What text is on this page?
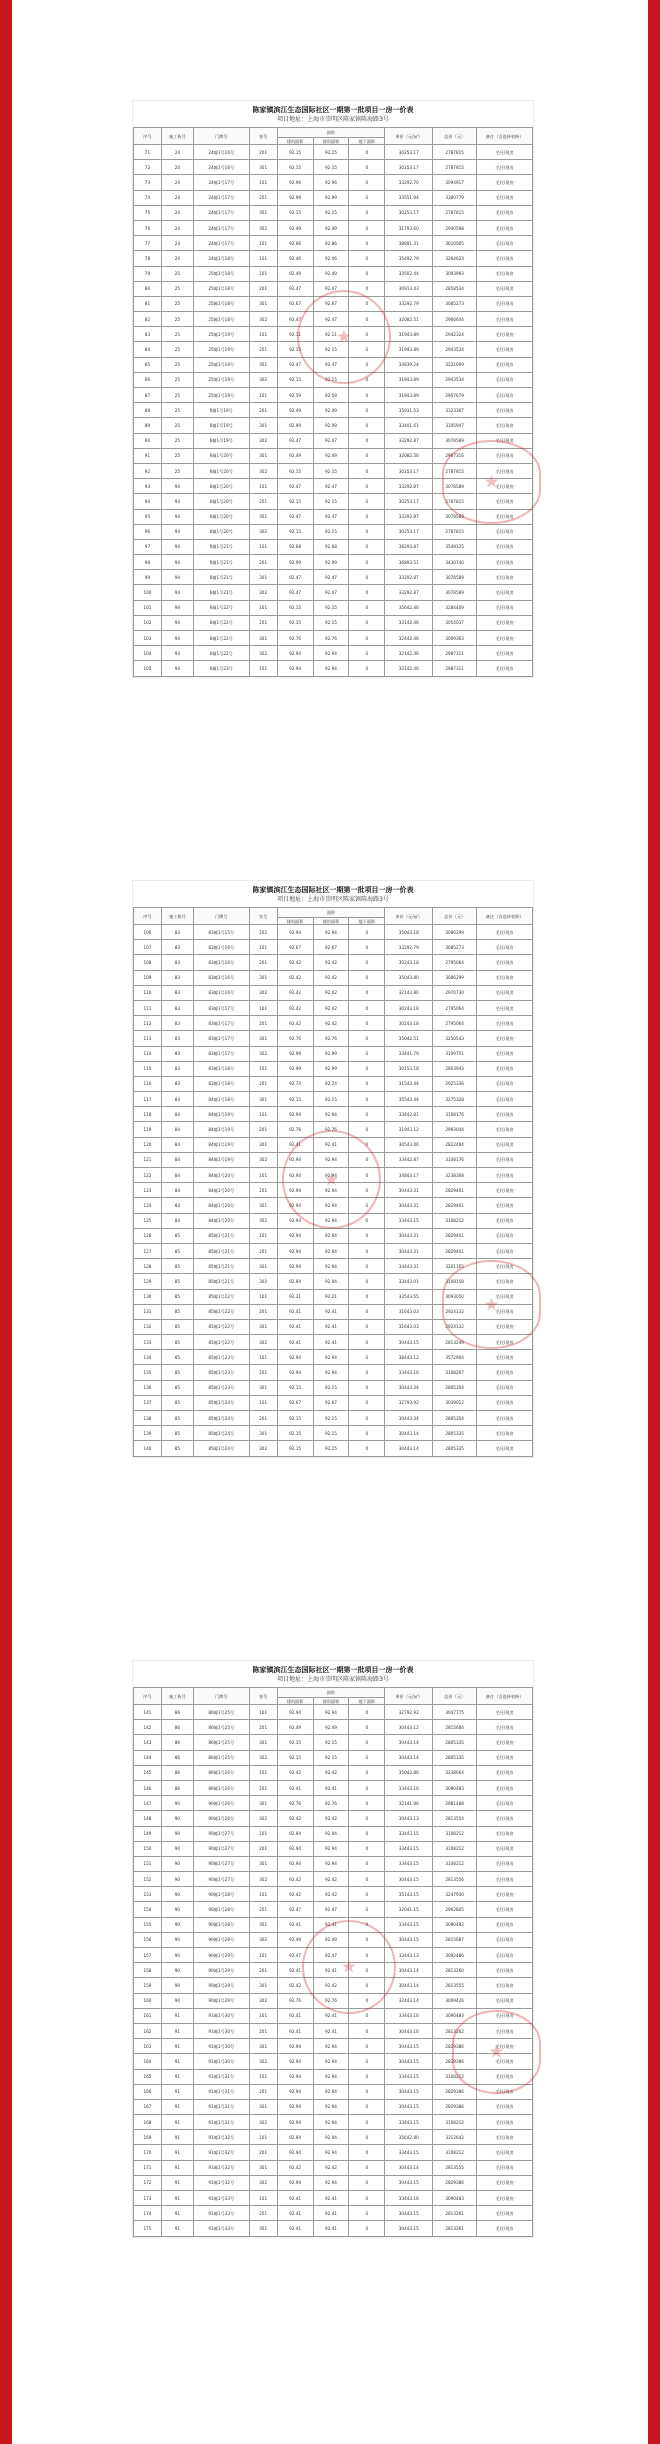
陈家镇滨江生态国际社区一期第一批项目一房一价表
项目地址：上海市崇明区陈家镇陈海路3号
序号	施工栋号	门牌号	室号	面积			单价（元/㎡）	总价（元）	备注（含选择装修）
				建筑面积	使用面积	地下面积			
71	24	24幢1号16号	201	92.15	92.15	0	30253.17	2787815	毛坯/现房
72	24	24幢1号16号	301	92.15	92.15	0	30253.17	2787815	毛坯/现房
73	24	24幢1号17号	101	92.96	92.96	0	33292.70	3094917	毛坯/现房
74	24	24幢1号17号	201	92.99	92.99	0	33551.94	3380779	毛坯/现房
75	24	24幢1号17号	301	92.15	92.15	0	30253.17	2787815	毛坯/现房
76	24	24幢1号17号	302	92.49	92.49	0	31793.60	2940598	毛坯/现房
77	24	24幢1号17号	101	92.86	92.86	0	38891.31	3610005	毛坯/现房
78	24	24幢1号18号	101	92.46	92.46	0	35492.79	3264623	毛坯/现房
79	25	25幢1号18号	101	92.49	92.49	0	33502.44	3093963	毛坯/现房
80	25	25幢1号18号	201	92.47	92.47	0	30913.43	2858534	毛坯/现房
81	25	25幢1号18号	301	92.67	92.67	0	33292.79	3085273	毛坯/现房
82	25	25幢1号18号	302	92.47	92.47	0	32082.51	2966644	毛坯/现房
83	25	25幢1号19号	101	92.11	92.11	0	31943.89	2942324	毛坯/现房
84	25	25幢1号19号	201	92.15	92.15	0	31943.89	2943534	毛坯/现房
85	25	25幢1号19号	301	92.47	92.47	0	34839.24	3221609	毛坯/现房
86	25	25幢1号19号	302	92.15	92.15	0	31943.89	2943534	毛坯/现房
87	25	25幢1号19号	101	92.59	92.59	0	31943.89	2957679	毛坯/现房
88	25	6幢1号19号	201	92.49	92.49	0	35931.53	3323307	毛坯/现房
89	25	6幢1号19号	301	92.99	92.99	0	33401.61	3105947	毛坯/现房
90	25	6幢1号19号	302	92.47	92.47	0	33292.87	3078589	毛坯/现房
91	25	6幢1号20号	301	92.49	92.49	0	32082.56	2967316	毛坯/现房
92	25	6幢1号20号	302	92.15	92.15	0	30253.17	2787815	毛坯/现房
93	94	6幢1号20号	101	92.47	92.47	0	33292.87	3078589	毛坯/现房
94	94	6幢1号20号	201	92.15	92.15	0	30253.17	2787815	毛坯/现房
95	94	6幢1号20号	301	92.47	92.47	0	33292.87	3078589	毛坯/现房
96	94	6幢1号20号	302	92.15	92.15	0	30253.17	2787815	毛坯/现房
97	94	6幢1号21号	101	92.68	92.68	0	38293.87	3549125	毛坯/现房
98	94	6幢1号21号	201	92.99	92.99	0	36893.51	3430740	毛坯/现房
99	94	6幢1号21号	301	92.47	92.47	0	33292.87	3078589	毛坯/现房
100	94	6幢1号21号	302	92.47	92.47	0	33292.87	3078589	毛坯/现房
101	94	6幢1号22号	101	92.15	92.15	0	35642.46	3284409	毛坯/现房
102	94	6幢1号22号	201	92.15	92.15	0	33142.46	3054037	毛坯/现房
103	94	6幢1号22号	301	92.76	92.76	0	32442.46	3009363	毛坯/现房
104	94	6幢1号22号	302	92.94	92.94	0	32142.46	2987311	毛坯/现房
105	94	6幢1号23号	101	92.94	92.94	0	32142.46	2987311	毛坯/现房
陈家镇滨江生态国际社区一期第一批项目一房一价表
项目地址：上海市崇明区陈家镇陈海路3号
序号	施工栋号	门牌号	室号	面积			单价（元/㎡）	总价（元）	备注（含选择装修）
				建筑面积	使用面积	地下面积			
106	83	83幢1号15号	202	92.94	92.94	0	35043.18	3086299	毛坯/现房
107	83	83幢1号16号	101	92.67	92.67	0	33292.79	3085273	毛坯/现房
108	83	83幢1号16号	201	92.42	92.42	0	30243.18	2795064	毛坯/现房
109	83	83幢1号16号	301	92.42	92.42	0	35043.80	3086299	毛坯/现房
110	83	83幢1号16号	302	92.42	92.42	0	32143.80	2970730	毛坯/现房
111	83	83幢1号17号	101	92.42	92.42	0	30243.18	2795064	毛坯/现房
112	83	83幢1号17号	201	92.42	92.42	0	30243.18	2795064	毛坯/现房
113	83	83幢1号17号	301	92.76	92.76	0	35042.51	3250543	毛坯/现房
114	83	83幢1号17号	302	92.99	92.99	0	33441.79	3109751	毛坯/现房
115	83	83幢1号18号	101	92.99	92.99	0	30153.18	2803943	毛坯/现房
116	83	83幢1号18号	201	92.74	92.74	0	31543.44	2925336	毛坯/现房
117	84	84幢1号18号	301	92.15	92.15	0	35543.44	3275328	毛坯/现房
118	84	84幢1号19号	101	92.94	92.94	0	33442.81	3108176	毛坯/现房
119	84	84幢1号19号	201	92.76	92.76	0	31943.12	2963044	毛坯/现房
120	84	84幢1号19号	301	92.41	92.41	0	30543.06	2822484	毛坯/现房
121	84	84幢1号19号	302	92.94	92.94	0	33442.87	3108176	毛坯/现房
122	84	84幢1号20号	101	92.94	92.94	0	34843.17	3238308	毛坯/现房
123	84	84幢1号20号	201	92.94	92.94	0	30443.31	2829401	毛坯/现房
124	84	84幢1号20号	301	92.94	92.94	0	30443.31	2829401	毛坯/现房
125	84	84幢1号20号	302	92.94	92.94	0	33443.15	3108212	毛坯/现房
126	85	85幢1号21号	101	92.94	92.94	0	30443.31	2829401	毛坯/现房
127	85	85幢1号21号	201	92.94	92.94	0	30443.31	2829401	毛坯/现房
128	85	85幢1号21号	301	92.94	92.94	0	34443.31	3201165	毛坯/现房
129	85	85幢1号21号	302	92.94	92.94	0	33443.01	3108158	毛坯/现房
130	85	85幢1号22号	101	92.21	92.21	0	33543.55	3093050	毛坯/现房
131	85	85幢1号22号	201	92.41	92.41	0	31643.03	2924132	毛坯/现房
132	85	85幢1号22号	301	92.41	92.41	0	31643.03	2924132	毛坯/现房
133	85	85幢1号22号	302	92.41	92.41	0	30443.15	2813249	毛坯/现房
134	85	85幢1号23号	101	92.94	92.94	0	38443.12	3572904	毛坯/现房
135	85	85幢1号23号	201	92.94	92.94	0	33443.16	3108207	毛坯/现房
136	85	85幢1号23号	301	92.15	92.15	0	30443.34	2805354	毛坯/现房
137	85	85幢1号24号	101	92.67	92.67	0	32793.92	3039012	毛坯/现房
138	85	85幢1号24号	201	92.15	92.15	0	30443.34	2805354	毛坯/现房
139	85	85幢1号24号	301	92.15	92.15	0	30443.14	2805335	毛坯/现房
140	85	85幢1号24号	302	92.15	92.15	0	30443.14	2805335	毛坯/现房
陈家镇滨江生态国际社区一期第一批项目一房一价表
项目地址：上海市崇明区陈家镇陈海路3号
序号	施工栋号	门牌号	室号	面积			单价（元/㎡）	总价（元）	备注（含选择装修）
				建筑面积	使用面积	地下面积			
141	86	86幢1号25号	101	92.94	92.94	0	32792.92	3047775	毛坯/现房
142	86	86幢1号25号	201	92.49	92.49	0	30443.12	2815684	毛坯/现房
143	86	86幢1号25号	301	92.15	92.15	0	30443.14	2805335	毛坯/现房
144	86	86幢1号25号	302	92.15	92.15	0	30443.14	2805335	毛坯/现房
145	86	86幢1号26号	101	92.42	92.42	0	35042.86	3238664	毛坯/现房
146	86	86幢1号26号	201	92.41	92.41	0	33443.16	3090483	毛坯/现房
147	90	90幢1号26号	301	92.76	92.76	0	32141.96	2981488	毛坯/现房
148	90	90幢1号26号	302	92.42	92.42	0	30443.13	2813554	毛坯/现房
149	90	90幢1号27号	101	92.94	92.94	0	33443.15	3108212	毛坯/现房
150	90	90幢1号27号	201	92.94	92.94	0	33443.15	3108212	毛坯/现房
151	90	90幢1号27号	301	92.94	92.94	0	33443.15	3108212	毛坯/现房
152	90	90幢1号27号	302	92.42	92.42	0	30443.15	2813556	毛坯/现房
153	90	90幢1号28号	101	92.42	92.42	0	35143.15	3247930	毛坯/现房
154	90	90幢1号28号	201	92.47	92.47	0	32041.15	2962845	毛坯/现房
155	90	90幢1号28号	301	92.41	92.41	0	33443.15	3090482	毛坯/现房
156	90	90幢1号28号	302	92.49	92.49	0	30443.15	2815687	毛坯/现房
157	90	90幢1号29号	101	92.47	92.47	0	33443.13	3092486	毛坯/现房
158	90	90幢1号29号	201	92.41	92.41	0	30443.14	2813260	毛坯/现房
159	90	90幢1号29号	301	92.42	92.42	0	30443.14	2813555	毛坯/现房
160	90	90幢1号29号	302	92.76	92.76	0	32443.14	3009426	毛坯/现房
161	91	91幢1号30号	101	92.41	92.41	0	33443.16	3090483	毛坯/现房
162	91	91幢1号30号	201	92.41	92.41	0	30443.16	2813262	毛坯/现房
163	91	91幢1号30号	301	92.94	92.94	0	30443.15	2829386	毛坯/现房
164	91	91幢1号30号	302	92.94	92.94	0	30443.15	2829386	毛坯/现房
165	91	91幢1号31号	101	92.94	92.94	0	33443.15	3108212	毛坯/现房
166	91	91幢1号31号	201	92.94	92.94	0	30443.15	2829386	毛坯/现房
167	91	91幢1号31号	301	92.94	92.94	0	30443.15	2829386	毛坯/现房
168	91	91幢1号31号	302	92.94	92.94	0	33443.15	3108212	毛坯/现房
169	91	91幢1号32号	101	92.94	92.94	0	35642.80	3312642	毛坯/现房
170	91	91幢1号32号	201	92.94	92.94	0	33443.15	3108212	毛坯/现房
171	91	91幢1号32号	301	92.42	92.42	0	30443.14	2813555	毛坯/现房
172	91	91幢1号32号	302	92.94	92.94	0	30443.15	2829386	毛坯/现房
173	91	91幢1号33号	101	92.41	92.41	0	33443.16	3090483	毛坯/现房
174	91	91幢1号33号	201	92.41	92.41	0	30443.15	2813261	毛坯/现房
175	91	91幢1号33号	301	92.41	92.41	0	30443.15	2813261	毛坯/现房
★
★
★
★
★
★
